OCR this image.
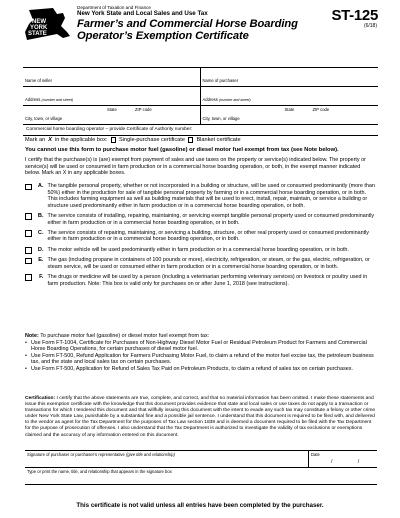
NEW
YORK
STATE
Department of Taxation and Finance
New York State and Local Sales and Use Tax
Farmer’s and Commercial Horse Boarding
Operator’s Exemption Certificate
ST-125
(6/18)
Name of seller	Name of purchaser
Address (number and street)	Address (number and street)
City, town, or village
State	ZIP code
City, town, or village
State	ZIP code
Commercial horse boarding operator – provide Certificate of Authority number:
Mark an X in the applicable box: Single-purchase certificate Blanket certificate
You cannot use this form to purchase motor fuel (gasoline) or diesel motor fuel exempt from tax (see Note below).
I certify that the purchase(s) is (are) exempt from payment of sales and use taxes on the property or service(s) indicated below. The property or service(s) will be used or consumed in farm production or in a commercial horse boarding operation, or both, in the exempt manner indicated below. Mark an X in any applicable boxes.
A. The tangible personal property, whether or not incorporated in a building or structure, will be used or consumed predominantly (more than 50%) either in the production for sale of tangible personal property by farming or in a commercial horse boarding operation, or in both. This includes farming equipment as well as building materials that will be used to erect, install, repair, maintain, or service a building or structure used predominantly either in farm production or in a commercial horse boarding operation, or both.
B. The service consists of installing, repairing, maintaining, or servicing exempt tangible personal property used or consumed predominantly either in farm production or in a commercial horse boarding operation, or in both.
C. The service consists of repairing, maintaining, or servicing a building, structure, or other real property used or consumed predominantly either in farm production or in a commercial horse boarding operation, or in both.
D. The motor vehicle will be used predominantly either in farm production or in a commercial horse boarding operation, or in both.
E. The gas (including propane in containers of 100 pounds or more), electricity, refrigeration, or steam, or the gas, electric, refrigeration, or steam service, will be used or consumed either in farm production or in a commercial horse boarding operation, or in both.
F. The drugs or medicine will be used by a person (including a veterinarian performing veterinary services) on livestock or poultry used in farm production. Note: This box is valid only for purchases on or after June 1, 2018 (see instructions).
Note: To purchase motor fuel (gasoline) or diesel motor fuel exempt from tax:
• Use Form FT-1004, Certificate for Purchases of Non-Highway Diesel Motor Fuel or Residual Petroleum Product for Farmers and Commercial Horse Boarding Operations, for certain purchases of diesel motor fuel.
• Use Form FT-500, Refund Application for Farmers Purchasing Motor Fuel, to claim a refund of the motor fuel excise tax, the petroleum business tax, and the state and local sales tax on certain purchases.
• Use Form FT-500, Application for Refund of Sales Tax Paid on Petroleum Products, to claim a refund of sales tax on certain purchases.
Certification: I certify that the above statements are true, complete, and correct, and that no material information has been omitted. I make these statements and issue this exemption certificate with the knowledge that this document provides evidence that state and local sales or use taxes do not apply to a transaction or transactions for which I tendered this document and that willfully issuing this document with the intent to evade any such tax may constitute a felony or other crime under New York State Law, punishable by a substantial fine and a possible jail sentence. I understand that this document is required to be filed with, and delivered to the vendor as agent for the Tax Department for the purposes of Tax Law section 1838 and is deemed a document required to be filed with the Tax Department for the purpose of prosecution of offenses. I also understand that the Tax Department is authorized to investigate the validity of tax exclusions or exemptions claimed and the accuracy of any information entered on this document.
Signature of purchaser or purchaser’s representative (give title and relationship)	Date
/ /
Type or print the name, title, and relationship that appears in the signature box
This certificate is not valid unless all entries have been completed by the purchaser.
